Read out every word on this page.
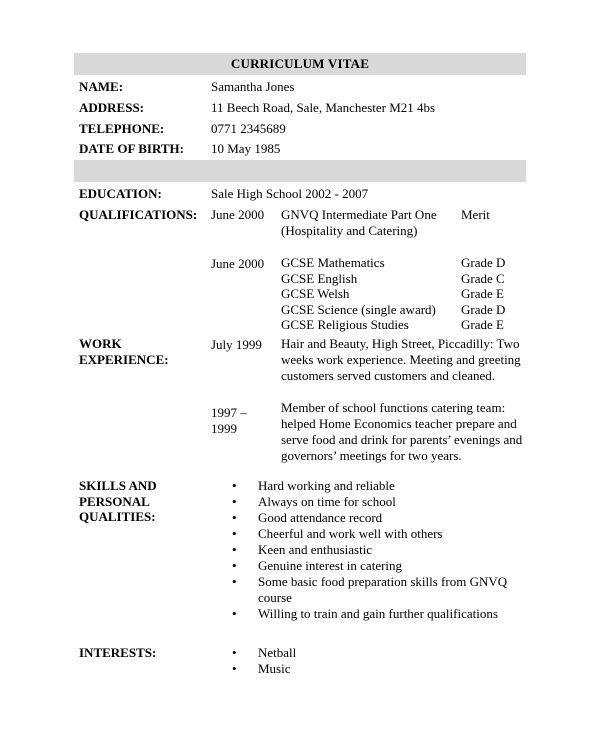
CURRICULUM VITAE
NAME:	Samantha Jones
ADDRESS:	11 Beech Road, Sale, Manchester M21 4bs
TELEPHONE:	0771 2345689
DATE OF BIRTH: 10 May 1985
EDUCATION:	Sale High School 2002 - 2007
QUALIFICATIONS: June 2000 GNVQ Intermediate Part One
(Hospitality and Catering)
Merit
June 2000 GCSE Mathematics	Grade D
GCSE English	Grade C
GCSE Welsh	Grade E
GCSE Science (single award) Grade D
GCSE Religious Studies	Grade E
WORK
EXPERIENCE:
July 1999 Hair and Beauty, High Street, Piccadilly: Two weeks work experience. Meeting and greeting customers served customers and cleaned.
1997 –
1999
Member of school functions catering team: helped Home Economics teacher prepare and serve food and drink for parents’ evenings and governors’ meetings for two years.
SKILLS AND
PERSONAL
QUALITIES:
• Hard working and reliable
• Always on time for school
• Good attendance record
• Cheerful and work well with others
• Keen and enthusiastic
• Genuine interest in catering
• Some basic food preparation skills from GNVQ course
• Willing to train and gain further qualifications
INTERESTS:
•	Netball
• Music
